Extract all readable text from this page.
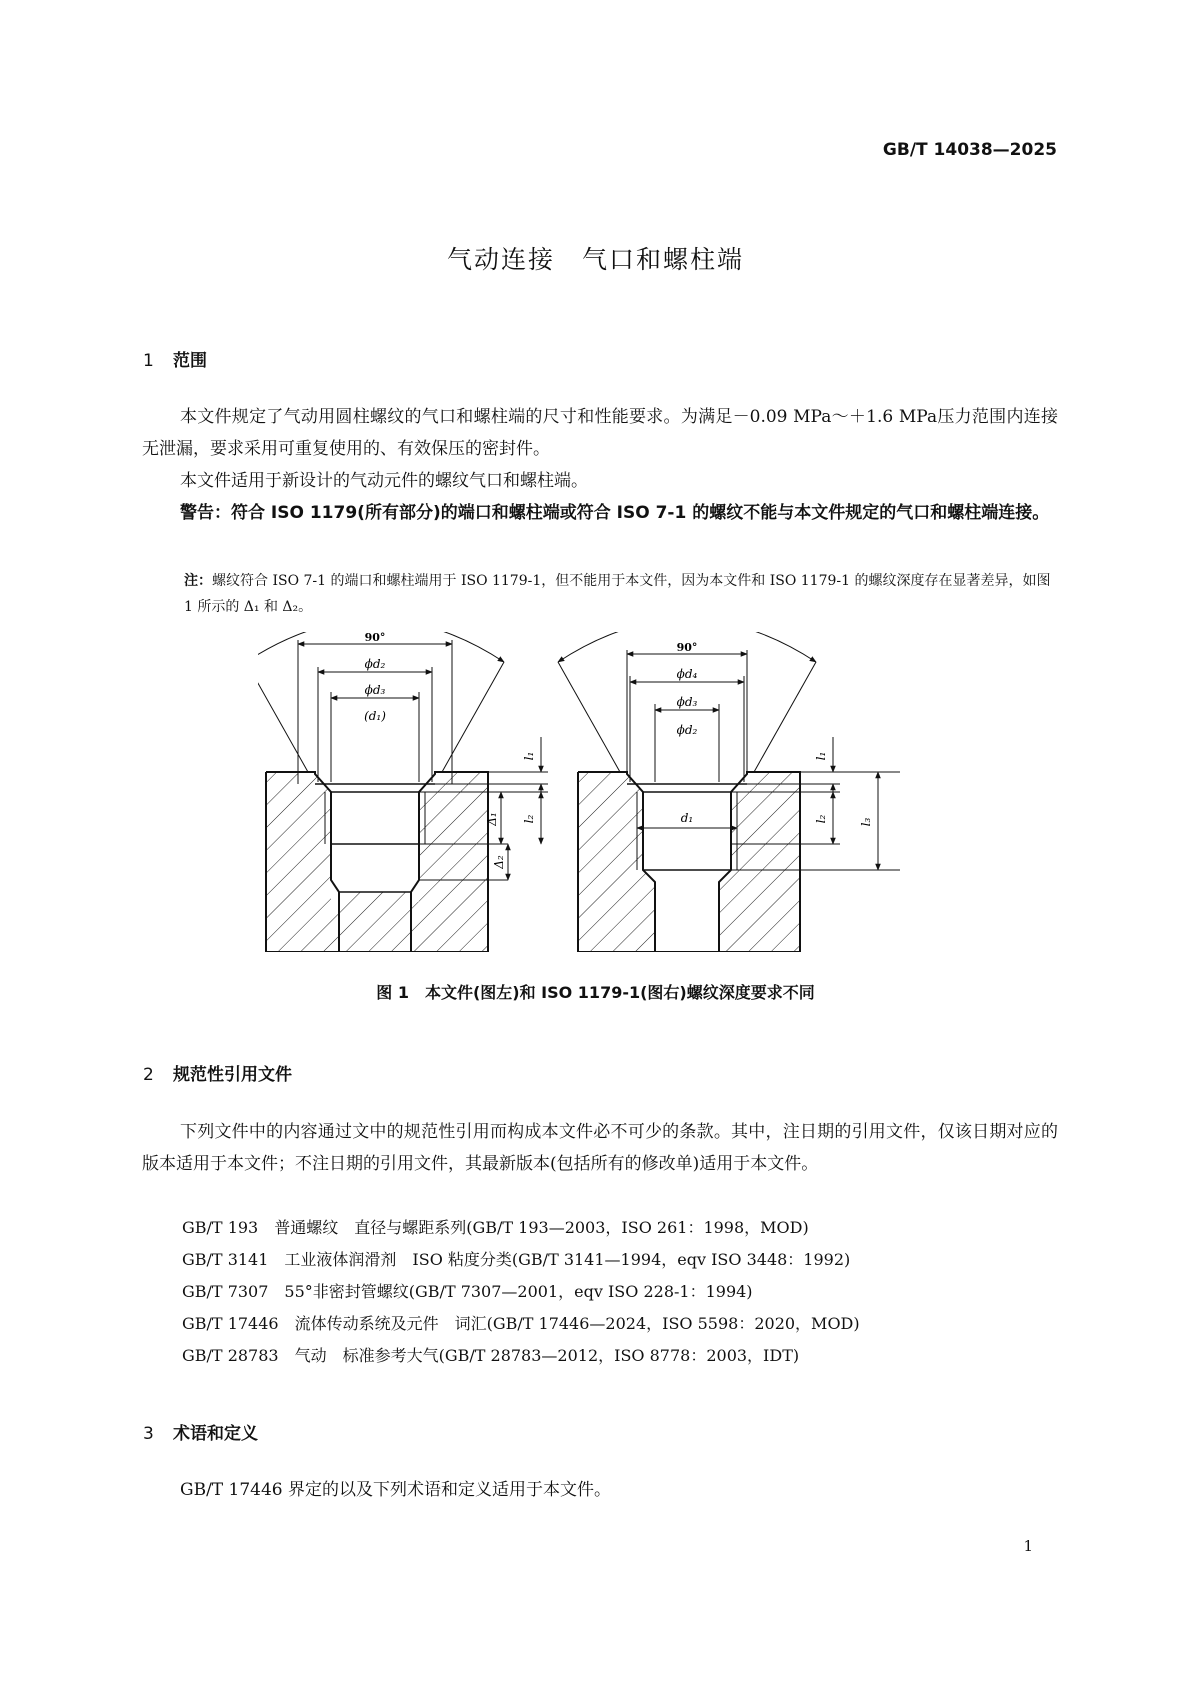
GB/T 14038—2025
气动连接　气口和螺柱端
1 范围
本文件规定了气动用圆柱螺纹的气口和螺柱端的尺寸和性能要求。为满足－0.09 MPa～＋1.6 MPa压力范围内连接无泄漏，要求采用可重复使用的、有效保压的密封件。
本文件适用于新设计的气动元件的螺纹气口和螺柱端。
警告：符合 ISO 1179(所有部分)的端口和螺柱端或符合 ISO 7-1 的螺纹不能与本文件规定的气口和螺柱端连接。
注：螺纹符合 ISO 7-1 的端口和螺柱端用于 ISO 1179-1，但不能用于本文件，因为本文件和 ISO 1179-1 的螺纹深度存在显著差异，如图 1 所示的 Δ₁ 和 Δ₂。
90°
ϕd₂
ϕd₃
(d₁)
l₁
l₂
Δ₁
Δ₂
90°
ϕd₄
ϕd₃
ϕd₂
d₁
l₁
l₂	l₃
图 1　本文件(图左)和 ISO 1179-1(图右)螺纹深度要求不同
2 规范性引用文件
下列文件中的内容通过文中的规范性引用而构成本文件必不可少的条款。其中，注日期的引用文件，仅该日期对应的版本适用于本文件；不注日期的引用文件，其最新版本(包括所有的修改单)适用于本文件。
GB/T 193　普通螺纹　直径与螺距系列(GB/T 193—2003，ISO 261：1998，MOD)
GB/T 3141　工业液体润滑剂　ISO 粘度分类(GB/T 3141—1994，eqv ISO 3448：1992)
GB/T 7307　55°非密封管螺纹(GB/T 7307—2001，eqv ISO 228-1：1994)
GB/T 17446　流体传动系统及元件　词汇(GB/T 17446—2024，ISO 5598：2020，MOD)
GB/T 28783　气动　标准参考大气(GB/T 28783—2012，ISO 8778：2003，IDT)
3 术语和定义
GB/T 17446 界定的以及下列术语和定义适用于本文件。
1
